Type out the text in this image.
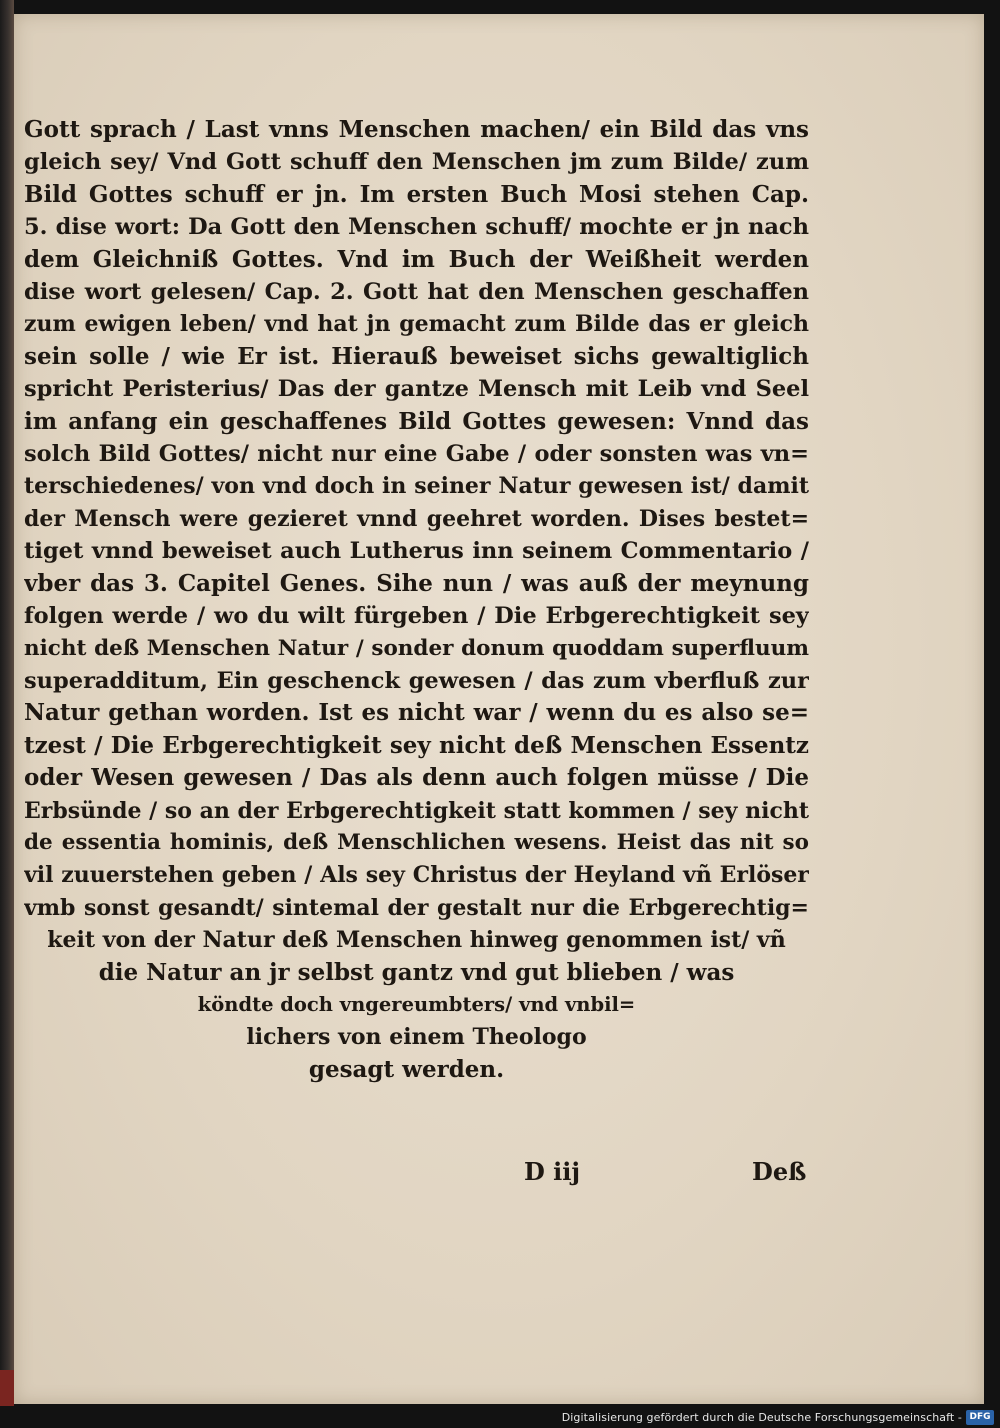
Gott sprach / Last vnns Menschen machen/ ein Bild das vns
gleich sey/ Vnd Gott schuff den Menschen jm zum Bilde/ zum
Bild Gottes schuff er jn. Im ersten Buch Mosi stehen Cap.
5. dise wort: Da Gott den Menschen schuff/ mochte er jn nach
dem Gleichniß Gottes. Vnd im Buch der Weißheit werden
dise wort gelesen/ Cap. 2. Gott hat den Menschen geschaffen
zum ewigen leben/ vnd hat jn gemacht zum Bilde das er gleich
sein solle / wie Er ist. Hierauß beweiset sichs gewaltiglich
spricht Peristerius/ Das der gantze Mensch mit Leib vnd Seel
im anfang ein geschaffenes Bild Gottes gewesen: Vnnd das
solch Bild Gottes/ nicht nur eine Gabe / oder sonsten was vn=
terschiedenes/ von vnd doch in seiner Natur gewesen ist/ damit
der Mensch were gezieret vnnd geehret worden. Dises bestet=
tiget vnnd beweiset auch Lutherus inn seinem Commentario /
vber das 3. Capitel Genes. Sihe nun / was auß der meynung
folgen werde / wo du wilt fürgeben / Die Erbgerechtigkeit sey
nicht deß Menschen Natur / sonder donum quoddam superfluum
superadditum, Ein geschenck gewesen / das zum vberfluß zur
Natur gethan worden. Ist es nicht war / wenn du es also se=
tzest / Die Erbgerechtigkeit sey nicht deß Menschen Essentz
oder Wesen gewesen / Das als denn auch folgen müsse / Die
Erbsünde / so an der Erbgerechtigkeit statt kommen / sey nicht
de essentia hominis, deß Menschlichen wesens. Heist das nit so
vil zuuerstehen geben / Als sey Christus der Heyland vñ Erlöser
vmb sonst gesandt/ sintemal der gestalt nur die Erbgerechtig=
keit von der Natur deß Menschen hinweg genommen ist/ vñ
die Natur an jr selbst gantz vnd gut blieben / was
köndte doch vngereumbters/ vnd vnbil=
lichers von einem Theologo
gesagt werden.
D iij	Deß
Digitalisierung gefördert durch die Deutsche Forschungsgemeinschaft - DFG
